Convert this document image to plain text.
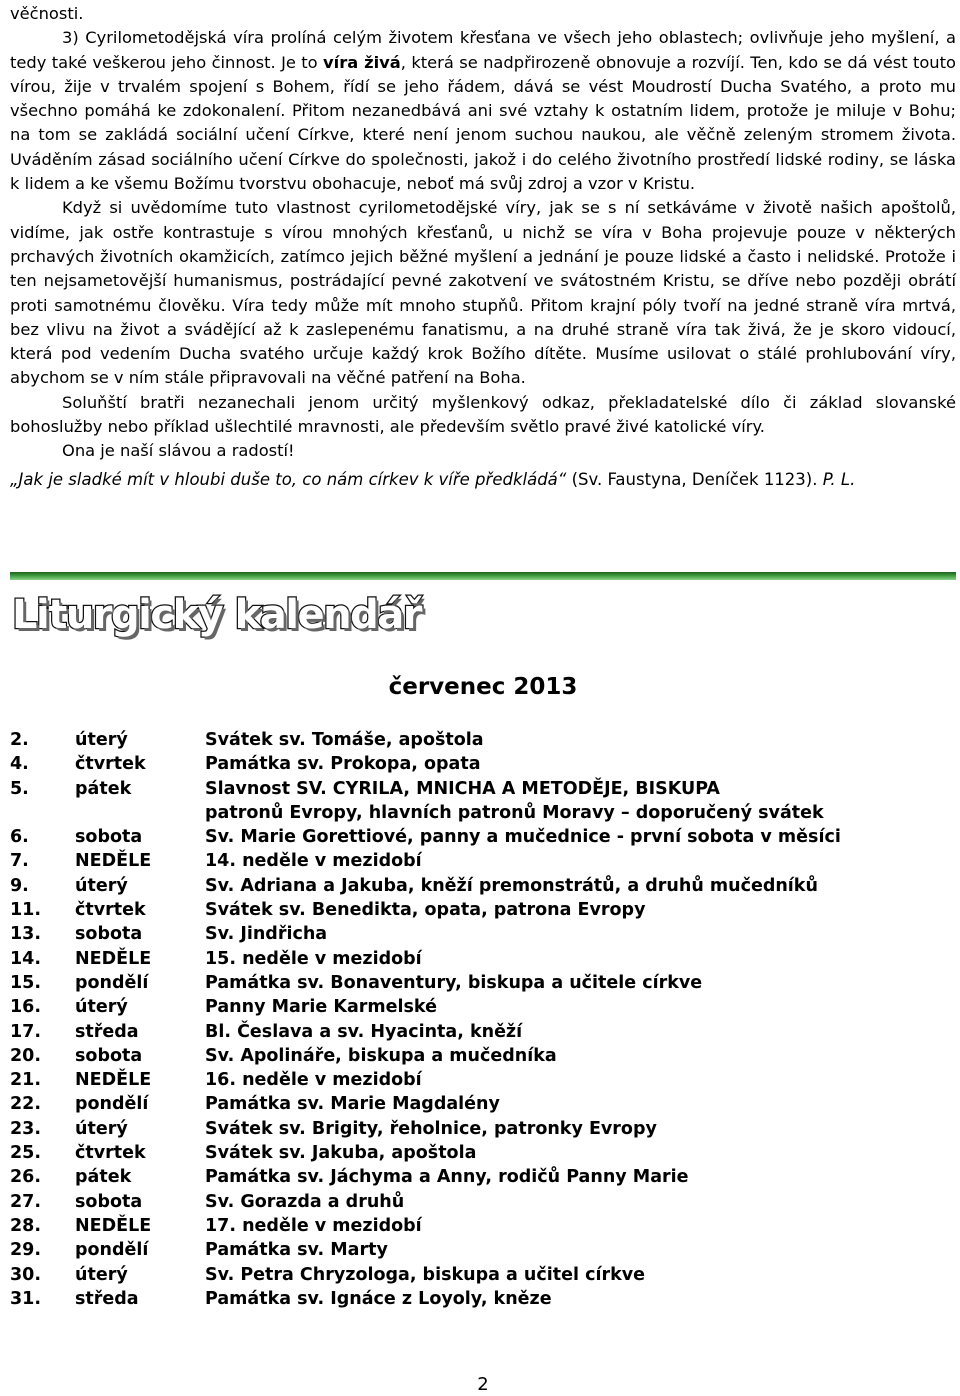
věčnosti.

3) Cyrilometodějská víra prolíná celým životem křesťana ve všech jeho oblastech; ovlivňuje jeho myšlení, a tedy také veškerou jeho činnost. Je to víra živá, která se nadpřirozeně obnovuje a rozvíjí. Ten, kdo se dá vést touto vírou, žije v trvalém spojení s Bohem, řídí se jeho řádem, dává se vést Moudrostí Ducha Svatého, a proto mu všechno pomáhá ke zdokonalení. Přitom nezanedbává ani své vztahy k ostatním lidem, protože je miluje v Bohu; na tom se zakládá sociální učení Církve, které není jenom suchou naukou, ale věčně zeleným stromem života. Uváděním zásad sociálního učení Církve do společnosti, jakož i do celého životního prostředí lidské rodiny, se láska k lidem a ke všemu Božímu tvorstvu obohacuje, neboť má svůj zdroj a vzor v Kristu.

Když si uvědomíme tuto vlastnost cyrilometodějské víry, jak se s ní setkáváme v životě našich apoštolů, vidíme, jak ostře kontrastuje s vírou mnohých křesťanů, u nichž se víra v Boha projevuje pouze v některých prchavých životních okamžicích, zatímco jejich běžné myšlení a jednání je pouze lidské a často i nelidské. Protože i ten nejsametovější humanismus, postrádající pevné zakotvení ve svátostném Kristu, se dříve nebo později obrátí proti samotnému člověku. Víra tedy může mít mnoho stupňů. Přitom krajní póly tvoří na jedné straně víra mrtvá, bez vlivu na život a svádějící až k zaslepenému fanatismu, a na druhé straně víra tak živá, že je skoro vidoucí, která pod vedením Ducha svatého určuje každý krok Božího dítěte. Musíme usilovat o stálé prohlubování víry, abychom se v ním stále připravovali na věčné patření na Boha.

Soluňští bratři nezanechali jenom určitý myšlenkový odkaz, překladatelské dílo či základ slovanské bohoslužby nebo příklad ušlechtilé mravnosti, ale především světlo pravé živé katolické víry.

Ona je naší slávou a radostí!

„Jak je sladké mít v hloubi duše to, co nám církev k víře předkládá“ (Sv. Faustyna, Deníček 1123). P. L.

Liturgický kalendář
červenec 2013
2.	úterý	Svátek sv. Tomáše, apoštola
4.	čtvrtek	Památka sv. Prokopa, opata
5.	pátek	Slavnost SV. CYRILA, MNICHA A METODĚJE, BISKUPA
patronů Evropy, hlavních patronů Moravy – doporučený svátek
6.	sobota	Sv. Marie Gorettiové, panny a mučednice - první sobota v měsíci
7.	NEDĚLE	14. neděle v mezidobí
9.	úterý	Sv. Adriana a Jakuba, kněží premonstrátů, a druhů mučedníků
11. čtvrtek	Svátek sv. Benedikta, opata, patrona Evropy
13. sobota	Sv. Jindřicha
14. NEDĚLE	15. neděle v mezidobí
15. pondělí	Památka sv. Bonaventury, biskupa a učitele církve
16. úterý	Panny Marie Karmelské
17. středa	Bl. Česlava a sv. Hyacinta, kněží
20. sobota	Sv. Apolináře, biskupa a mučedníka
21. NEDĚLE	16. neděle v mezidobí
22. pondělí	Památka sv. Marie Magdalény
23. úterý	Svátek sv. Brigity, řeholnice, patronky Evropy
25. čtvrtek	Svátek sv. Jakuba, apoštola
26. pátek	Památka sv. Jáchyma a Anny, rodičů Panny Marie
27. sobota	Sv. Gorazda a druhů
28. NEDĚLE	17. neděle v mezidobí
29. pondělí	Památka sv. Marty
30. úterý	Sv. Petra Chryzologa, biskupa a učitel církve
31. středa	Památka sv. Ignáce z Loyoly, kněze
2
